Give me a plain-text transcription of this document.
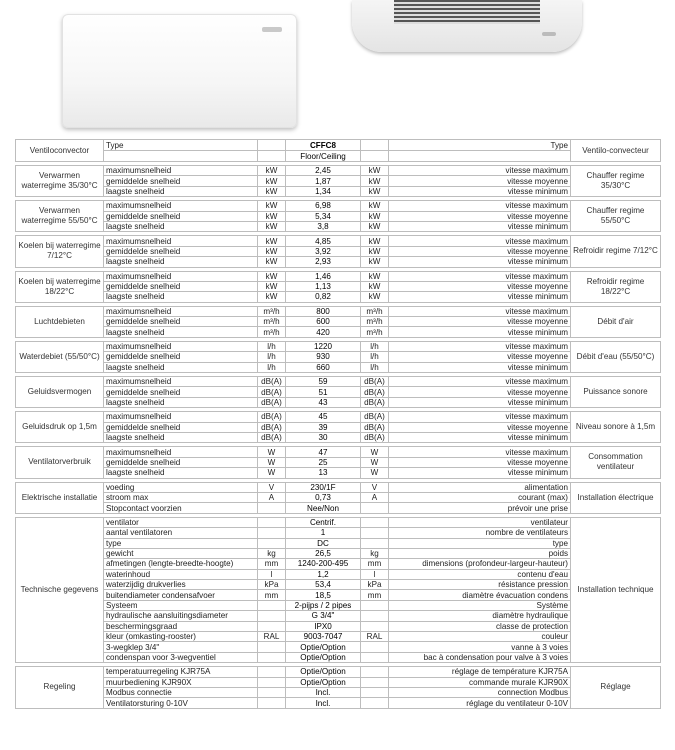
Ventiloconvector	Type		CFFC8		Type	Ventilo-convecteur
			Floor/Ceiling			

Verwarmen waterregime 35/30°C	maximumsnelheid	kW	2,45	kW	vitesse maximum	Chauffer regime 35/30°C
	gemiddelde snelheid	kW	1,87	kW	vitesse moyenne	
	laagste snelheid	kW	1,34	kW	vitesse minimum	

Verwarmen waterregime 55/50°C	maximumsnelheid	kW	6,98	kW	vitesse maximum	Chauffer regime 55/50°C
	gemiddelde snelheid	kW	5,34	kW	vitesse moyenne	
	laagste snelheid	kW	3,8	kW	vitesse minimum	

Koelen bij waterregime 7/12°C	maximumsnelheid	kW	4,85	kW	vitesse maximum	Refroidir regime 7/12°C
	gemiddelde snelheid	kW	3,92	kW	vitesse moyenne	
	laagste snelheid	kW	2,93	kW	vitesse minimum	

Koelen bij waterregime 18/22°C	maximumsnelheid	kW	1,46	kW	vitesse maximum	Refroidir regime 18/22°C
	gemiddelde snelheid	kW	1,13	kW	vitesse moyenne	
	laagste snelheid	kW	0,82	kW	vitesse minimum	

Luchtdebieten	maximumsnelheid	m³/h	800	m³/h	vitesse maximum	Débit d'air
	gemiddelde snelheid	m³/h	600	m³/h	vitesse moyenne	
	laagste snelheid	m³/h	420	m³/h	vitesse minimum	

Waterdebiet (55/50°C)	maximumsnelheid	l/h	1220	l/h	vitesse maximum	Débit d'eau (55/50°C)
	gemiddelde snelheid	l/h	930	l/h	vitesse moyenne	
	laagste snelheid	l/h	660	l/h	vitesse minimum	

Geluidsvermogen	maximumsnelheid	dB(A)	59	dB(A)	vitesse maximum	Puissance sonore
	gemiddelde snelheid	dB(A)	51	dB(A)	vitesse moyenne	
	laagste snelheid	dB(A)	43	dB(A)	vitesse minimum	

Geluidsdruk op 1,5m	maximumsnelheid	dB(A)	45	dB(A)	vitesse maximum	Niveau sonore à 1,5m
	gemiddelde snelheid	dB(A)	39	dB(A)	vitesse moyenne	
	laagste snelheid	dB(A)	30	dB(A)	vitesse minimum	

Ventilatorverbruik	maximumsnelheid	W	47	W	vitesse maximum	Consommation ventilateur
	gemiddelde snelheid	W	25	W	vitesse moyenne	
	laagste snelheid	W	13	W	vitesse minimum	

Elektrische installatie	voeding	V	230/1F	V	alimentation	Installation électrique
	stroom max	A	0,73	A	courant (max)	
	Stopcontact voorzien		Nee/Non		prévoir une prise	

Technische gegevens	ventilator		Centrif.		ventilateur	Installation technique
	aantal ventilatoren		1		nombre de ventilateurs	
	type		DC		type	
	gewicht	kg	26,5	kg	poids	
	afmetingen (lengte-breedte-hoogte)	mm	1240-200-495	mm	dimensions (profondeur-largeur-hauteur)	
	waterinhoud	l	1,2	l	contenu d'eau	
	waterzijdig drukverlies	kPa	53,4	kPa	résistance pression	
	buitendiameter condensafvoer	mm	18,5	mm	diamètre évacuation condens	
	Systeem		2-pijps / 2 pipes		Système	
	hydraulische aansluitingsdiameter		G 3/4"		diamètre hydraulique	
	beschermingsgraad		IPX0		classe de protection	
	kleur (omkasting-rooster)	RAL	9003-7047	RAL	couleur	
	3-wegklep 3/4"		Optie/Option		vanne à 3 voies	
	condenspan voor 3-wegventiel		Optie/Option		bac à condensation pour valve à 3 voies	

Regeling	temperatuurregeling KJR75A		Optie/Option		réglage de température KJR75A	Réglage
	muurbediening KJR90X		Optie/Option		commande murale KJR90X	
	Modbus connectie		Incl.		connection Modbus	
	Ventilatorsturing 0-10V		Incl.		réglage du ventilateur 0-10V	
